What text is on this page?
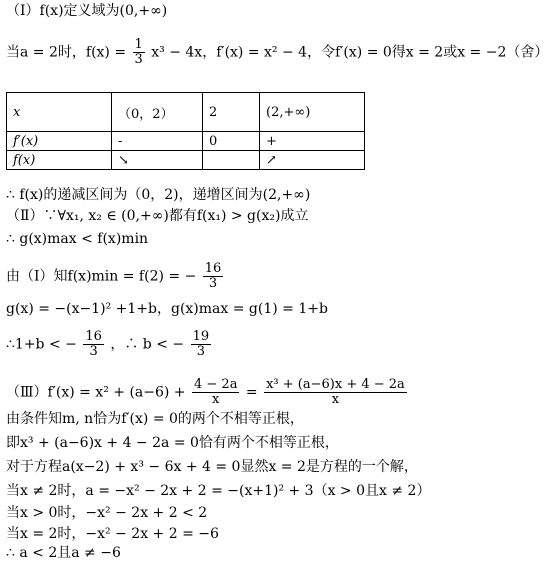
（Ⅰ）f(x)定义域为(0,+∞)
当a = 2时，$f(x) = \frac{1}{3} x^3 - 4x$，f′(x) = x² − 4，令f′(x) = 0得x = 2或x = −2（舍）
x	（0，2）	2	(2,+∞)
f′(x)	-	0	+
f(x)	↘		↗
∴ f(x)的递减区间为（0，2)，递增区间为(2,+∞)
（Ⅱ）∵∀x₁, x₂ ∈ (0,+∞)都有f(x₁) > g(x₂)成立
∴ g(x)max < f(x)min
由（Ⅰ）知f(x)min = f(2) = − $\frac{16}{3}$
g(x) = −(x−1)² +1+b，g(x)max = g(1) = 1+b
∴1+b < − $\frac{16}{3}$ ，∴ b < − $\frac{19}{3}$
（Ⅲ）f′(x) = $x^2 + (a-6) + \frac{4 - 2a}{x} = \frac{\text{x³ + (a−6)x + 4 − 2a}}{x}$
由条件知m, n恰为f′(x) = 0的两个不相等正根，
即x³ + (a−6)x + 4 − 2a = 0恰有两个不相等正根，
对于方程a(x−2) + x³ − 6x + 4 = 0显然x = 2是方程的一个解，
当x ≠ 2时，a = −x² − 2x + 2 = −(x+1)² + 3（x > 0且x ≠ 2）
当x > 0时，−x² − 2x + 2 < 2
当x = 2时，−x² − 2x + 2 = −6
∴ a < 2且a ≠ −6
